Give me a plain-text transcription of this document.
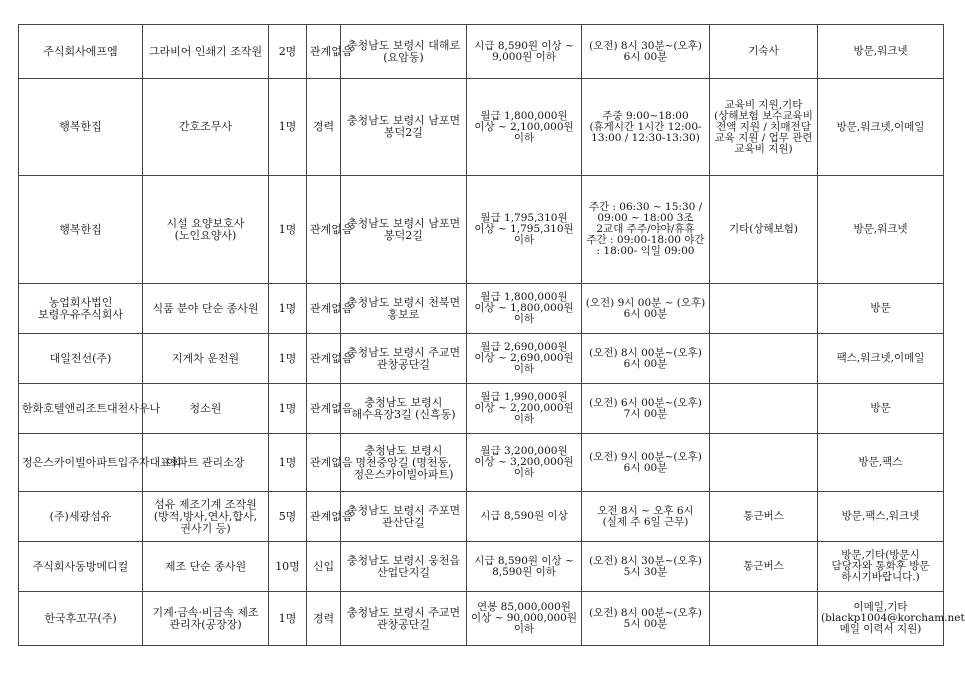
주식회사에프엠	그라비어 인쇄기 조작원	2명	관계없음	충청남도 보령시 대해로(요암동)	시급 8,590원 이상 ~ 9,000원 이하	(오전) 8시 30분~(오후) 6시 00분	기숙사	방문,워크넷
행복한집	간호조무사	1명	경력	충청남도 보령시 남포면 봉덕2길	월급 1,800,000원 이상 ~ 2,100,000원 이하	주중 9:00~18:00 (휴게시간 1시간 12:00-13:00 / 12:30-13:30)	교육비 지원,기타(상해보험 보수교육비 전액 지원 / 치매전담 교육 지원 / 업무 관련 교육비 지원)	방문,워크넷,이메일
행복한집	시설 요양보호사(노인요양사)	1명	관계없음	충청남도 보령시 남포면 봉덕2길	월급 1,795,310원 이상 ~ 1,795,310원 이하	주간 : 06:30 ~ 15:30 / 09:00 ~ 18:00 3조 2교대 주주/야야/휴휴 주간 : 09:00-18:00 야간 : 18:00- 익일 09:00	기타(상해보험)	방문,워크넷
농업회사법인 보령우유주식회사	식품 분야 단순 종사원	1명	관계없음	충청남도 보령시 천북면 홍보로	월급 1,800,000원 이상 ~ 1,800,000원 이하	(오전) 9시 00분 ~ (오후) 6시 00분		방문
대일전선(주)	지게차 운전원	1명	관계없음	충청남도 보령시 주교면 관창공단길	월급 2,690,000원 이상 ~ 2,690,000원 이하	(오전) 8시 00분~(오후) 6시 00분		팩스,워크넷,이메일
한화호텔앤리조트대천사우나	청소원	1명	관계없음	충청남도 보령시 해수욕장3길 (신흑동)	월급 1,990,000원 이상 ~ 2,200,000원 이하	(오전) 6시 00분~(오후) 7시 00분		방문
정은스카이빌아파트입주자대표회	아파트 관리소장	1명	관계없음	충청남도 보령시 명천중앙길 (명천동, 정은스카이빌아파트)	월급 3,200,000원 이상 ~ 3,200,000원 이하	(오전) 9시 00분~(오후) 6시 00분		방문,팩스
(주)세광섬유	섬유 제조기계 조작원(방적,방사,연사,합사,권사기 등)	5명	관계없음	충청남도 보령시 주포면 관산단길	시급 8,590원 이상	오전 8시 ~ 오후 6시 (실제 주 6일 근무)	통근버스	방문,팩스,워크넷
주식회사동방메디컬	제조 단순 종사원	10명	신입	충청남도 보령시 웅천읍 산업단지길	시급 8,590원 이상 ~ 8,590원 이하	(오전) 8시 30분~(오후) 5시 30분	통근버스	방문,기타(방문시 담당자와 통화후 방문 하시기바랍니다.)
한국후꼬꾸(주)	기계·금속·비금속 제조 관리자(공장장)	1명	경력	충청남도 보령시 주교면 관창공단길	연봉 85,000,000원 이상 ~ 90,000,000원 이하	(오전) 8시 00분~(오후) 5시 00분		이메일,기타(blackp1004@korcham.net 메일 이력서 지원)
